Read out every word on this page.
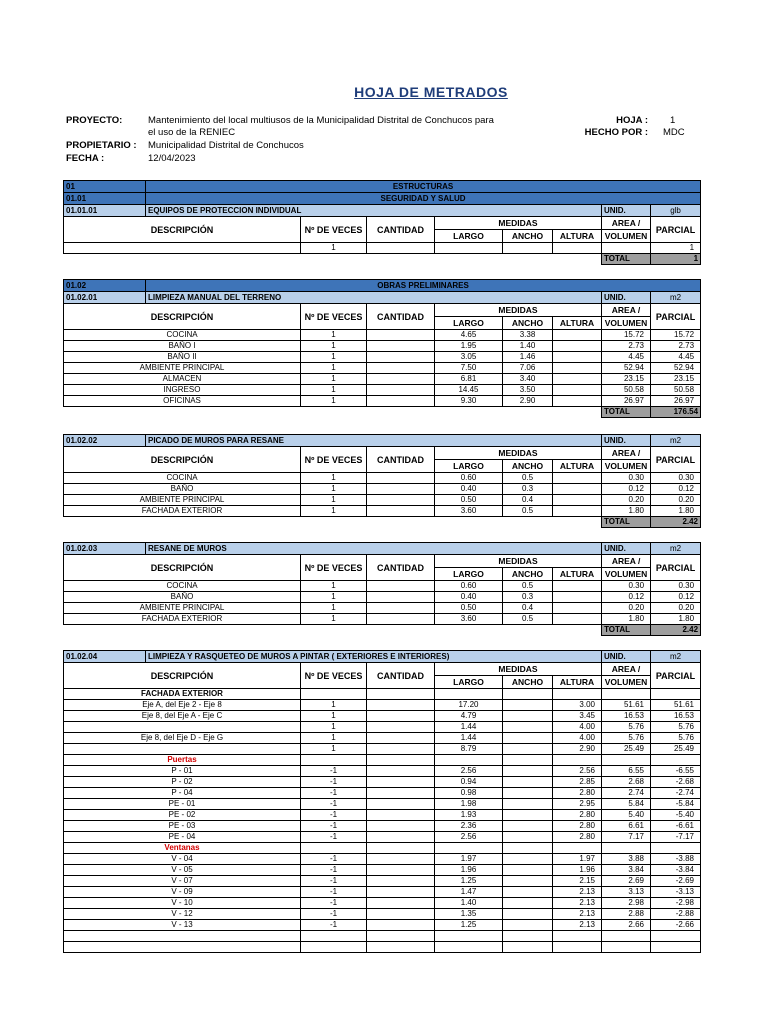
HOJA DE METRADOS
PROYECTO:	Mantenimiento del local multiusos de la Municipalidad Distrital de Conchucos para
el uso de la RENIEC
PROPIETARIO : Municipalidad Distrital de Conchucos
FECHA :	12/04/2023
HOJA : 1
HECHO POR : MDC
01	ESTRUCTURAS							
01.01	SEGURIDAD Y SALUD							
01.01.01	EQUIPOS DE PROTECCION INDIVIDUAL						UNID.	glb
DESCRIPCIÓN		Nº DE VECES	CANTIDAD	MEDIDAS			AREA /	PARCIAL
				LARGO	ANCHO	ALTURA	VOLUMEN	
		1						1
							TOTAL	1
01.02	OBRAS PRELIMINARES							
01.02.01	LIMPIEZA MANUAL DEL TERRENO						UNID.	m2
DESCRIPCIÓN		Nº DE VECES	CANTIDAD	MEDIDAS			AREA /	PARCIAL
				LARGO	ANCHO	ALTURA	VOLUMEN	
COCINA		1		4.65	3.38		15.72	15.72
BAÑO I		1		1.95	1.40		2.73	2.73
BAÑO II		1		3.05	1.46		4.45	4.45
AMBIENTE PRINCIPAL		1		7.50	7.06		52.94	52.94
ALMACEN		1		6.81	3.40		23.15	23.15
INGRESO		1		14.45	3.50		50.58	50.58
OFICINAS		1		9.30	2.90		26.97	26.97
							TOTAL	176.54
01.02.02	PICADO DE MUROS PARA RESANE						UNID.	m2
DESCRIPCIÓN		Nº DE VECES	CANTIDAD	MEDIDAS			AREA /	PARCIAL
				LARGO	ANCHO	ALTURA	VOLUMEN	
COCINA		1		0.60	0.5		0.30	0.30
BAÑO		1		0.40	0.3		0.12	0.12
AMBIENTE PRINCIPAL		1		0.50	0.4		0.20	0.20
FACHADA EXTERIOR		1		3.60	0.5		1.80	1.80
							TOTAL	2.42
01.02.03	RESANE DE MUROS						UNID.	m2
DESCRIPCIÓN		Nº DE VECES	CANTIDAD	MEDIDAS			AREA /	PARCIAL
				LARGO	ANCHO	ALTURA	VOLUMEN	
COCINA		1		0.60	0.5		0.30	0.30
BAÑO		1		0.40	0.3		0.12	0.12
AMBIENTE PRINCIPAL		1		0.50	0.4		0.20	0.20
FACHADA EXTERIOR		1		3.60	0.5		1.80	1.80
							TOTAL	2.42
01.02.04	LIMPIEZA Y RASQUETEO DE MUROS A PINTAR ( EXTERIORES E INTERIORES)						UNID.	m2
DESCRIPCIÓN		Nº DE VECES	CANTIDAD	MEDIDAS			AREA /	PARCIAL
				LARGO	ANCHO	ALTURA	VOLUMEN	
FACHADA EXTERIOR								
Eje A, del Eje 2 - Eje 8		1		17.20		3.00	51.61	51.61
Eje 8, del Eje A - Eje C		1		4.79		3.45	16.53	16.53
		1		1.44		4.00	5.76	5.76
Eje 8, del Eje D - Eje G		1		1.44		4.00	5.76	5.76
		1		8.79		2.90	25.49	25.49
Puertas								
P - 01		-1		2.56		2.56	6.55	-6.55
P - 02		-1		0.94		2.85	2.68	-2.68
P - 04		-1		0.98		2.80	2.74	-2.74
PE - 01		-1		1.98		2.95	5.84	-5.84
PE - 02		-1		1.93		2.80	5.40	-5.40
PE - 03		-1		2.36		2.80	6.61	-6.61
PE - 04		-1		2.56		2.80	7.17	-7.17
Ventanas								
V - 04		-1		1.97		1.97	3.88	-3.88
V - 05		-1		1.96		1.96	3.84	-3.84
V - 07		-1		1.25		2.15	2.69	-2.69
V - 09		-1		1.47		2.13	3.13	-3.13
V - 10		-1		1.40		2.13	2.98	-2.98
V - 12		-1		1.35		2.13	2.88	-2.88
V - 13		-1		1.25		2.13	2.66	-2.66
